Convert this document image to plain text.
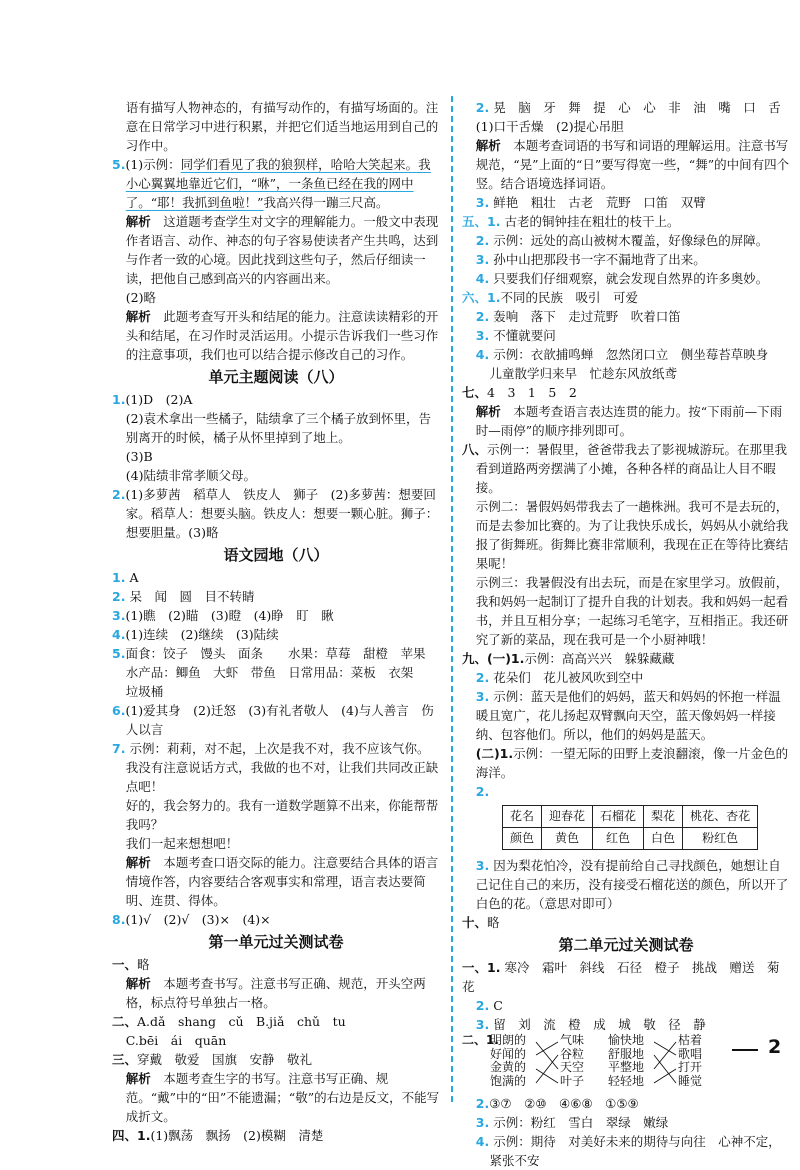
语有描写人物神态的，有描写动作的，有描写场面的。注意在日常学习中进行积累，并把它们适当地运用到自己的习作中。

5.(1)示例：同学们看见了我的狼狈样，哈哈大笑起来。我小心翼翼地靠近它们，“咻”，一条鱼已经在我的网中了。“耶！我抓到鱼啦！”我高兴得一蹦三尺高。

解析　这道题考查学生对文字的理解能力。一般文中表现作者语言、动作、神态的句子容易使读者产生共鸣，达到与作者一致的心境。因此找到这些句子，然后仔细读一读，把他自己感到高兴的内容画出来。

(2)略

解析　此题考查写开头和结尾的能力。注意读读精彩的开头和结尾，在习作时灵活运用。小提示告诉我们一些习作的注意事项，我们也可以结合提示修改自己的习作。

单元主题阅读（八）

1.(1)D　(2)A

(2)袁术拿出一些橘子，陆绩拿了三个橘子放到怀里，告别离开的时候，橘子从怀里掉到了地上。

(3)B

(4)陆绩非常孝顺父母。

2.(1)多萝茜　稻草人　铁皮人　狮子　(2)多萝茜：想要回家。稻草人：想要头脑。铁皮人：想要一颗心脏。狮子：想要胆量。(3)略

语文园地（八）

1. A

2. 呆　闻　圆　目不转睛

3.(1)瞧　(2)瞄　(3)瞪　(4)睁　盯　瞅

4.(1)连续　(2)继续　(3)陆续

5.面食：饺子　馒头　面条　　水果：草莓　甜橙　苹果

水产品：鲫鱼　大虾　带鱼　日常用品：菜板　衣架

垃圾桶

6.(1)爱其身　(2)迁怒　(3)有礼者敬人　(4)与人善言　伤人以言

7. 示例：莉莉，对不起，上次是我不对，我不应该气你。

我没有注意说话方式，我做的也不对，让我们共同改正缺点吧！

好的，我会努力的。我有一道数学题算不出来，你能帮帮我吗？

我们一起来想想吧！

解析　本题考查口语交际的能力。注意要结合具体的语言情境作答，内容要结合客观事实和常理，语言表达要简明、连贯、得体。

8.(1)√　(2)√　(3)×　(4)×

第一单元过关测试卷

一、略

解析　本题考查书写。注意书写正确、规范，开头空两格，标点符号单独占一格。

二、A.dǎ　shang　cǔ　B.jiǎ　chǔ　tu

C.bēi　ái　quān

三、穿戴　敬爱　国旗　安静　敬礼

解析　本题考查生字的书写。注意书写正确、规范。“戴”中的“田”不能遗漏；“敬”的右边是反文，不能写成折文。

四、1.(1)飘荡　飘扬　(2)模糊　清楚

2. 晃　脑　牙　舞　提　心　心　非　油　嘴　口　舌

(1)口干舌燥　(2)提心吊胆

解析　本题考查词语的书写和词语的理解运用。注意书写规范，“晃”上面的“日”要写得宽一些，“舞”的中间有四个竖。结合语境选择词语。

3. 鲜艳　粗壮　古老　荒野　口笛　双臂

五、1. 古老的铜钟挂在粗壮的枝干上。

2. 示例：远处的高山被树木覆盖，好像绿色的屏障。

3. 孙中山把那段书一字不漏地背了出来。

4. 只要我们仔细观察，就会发现自然界的许多奥妙。

六、1.不同的民族　吸引　可爱

2. 轰响　落下　走过荒野　吹着口笛

3. 不懂就要问

4. 示例：衣歆捕鸣蝉　忽然闭口立　侧坐莓苔草映身

儿童散学归来早　忙趁东风放纸鸢

七、4　3　1　5　2

解析　本题考查语言表达连贯的能力。按“下雨前—下雨时—雨停”的顺序排列即可。

八、示例一：暑假里，爸爸带我去了影视城游玩。在那里我看到道路两旁摆满了小摊，各种各样的商品让人目不暇接。

示例二：暑假妈妈带我去了一趟株洲。我可不是去玩的，而是去参加比赛的。为了让我快乐成长，妈妈从小就给我报了街舞班。街舞比赛非常顺利，我现在正在等待比赛结果呢！

示例三：我暑假没有出去玩，而是在家里学习。放假前，我和妈妈一起制订了提升自我的计划表。我和妈妈一起看书，并且互相分享；一起练习毛笔字，互相指正。我还研究了新的菜品，现在我可是一个小厨神哦！

九、(一)1.示例：高高兴兴　躲躲藏藏

2. 花朵们　花儿被风吹到空中

3. 示例：蓝天是他们的妈妈，蓝天和妈妈的怀抱一样温暖且宽广，花儿扬起双臂飘向天空，蓝天像妈妈一样接纳、包容他们。所以，他们的妈妈是蓝天。

(二)1.示例：一望无际的田野上麦浪翻滚，像一片金色的海洋。

2.

花名	迎春花	石榴花	梨花	桃花、杏花
颜色	黄色	红色	白色	粉红色

3. 因为梨花怕冷，没有提前给自己寻找颜色，她想让自己记住自己的来历，没有接受石榴花送的颜色，所以开了白色的花。（意思对即可）

十、略

第二单元过关测试卷

一、1. 寒冷　霜叶　斜线　石径　橙子　挑战　赠送　菊花

2. C

3. 留　刘　流　橙　成　城　敬　径　静

二、1.
明朗的
好闻的
金黄的
饱满的
气味
谷粒
天空
叶子
愉快地
舒服地
平整地
轻轻地
枯着
歌唱
打开
睡觉

2.③⑦　②⑩　④⑥⑧　①⑤⑨

3. 示例：粉红　雪白　翠绿　嫩绿

4. 示例：期待　对美好未来的期待与向往　心神不定，紧张不安

2
